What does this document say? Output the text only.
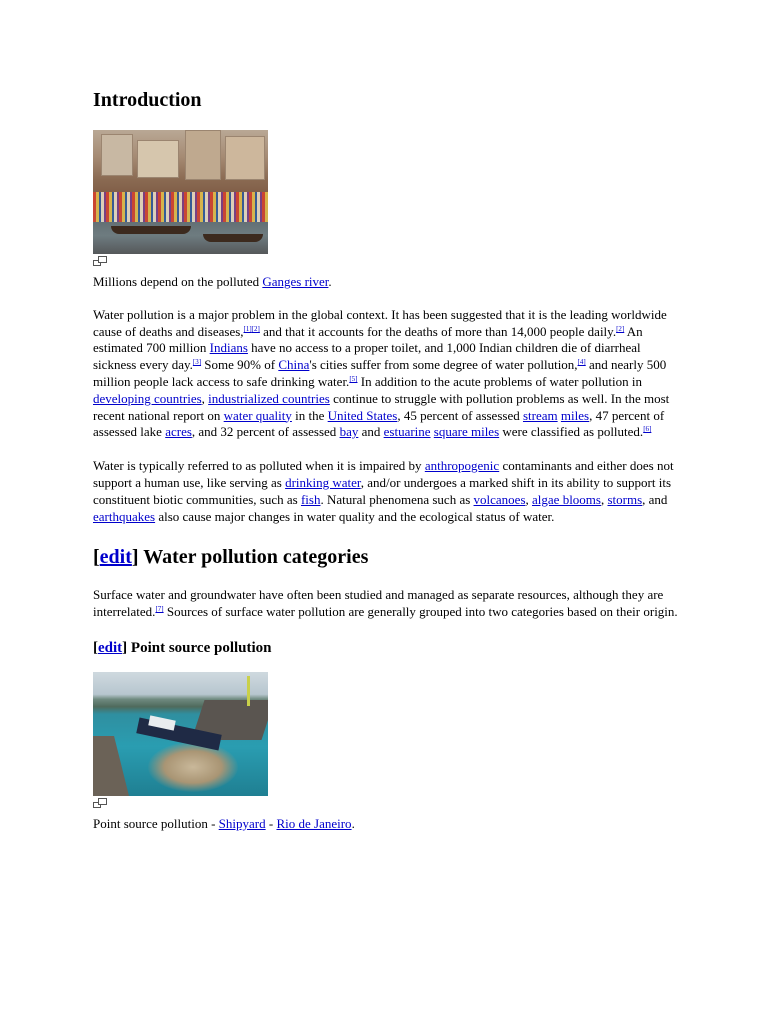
Introduction

Millions depend on the polluted Ganges river.

Water pollution is a major problem in the global context. It has been suggested that it is the leading worldwide cause of deaths and diseases,[1][2] and that it accounts for the deaths of more than 14,000 people daily.[2] An estimated 700 million Indians have no access to a proper toilet, and 1,000 Indian children die of diarrheal sickness every day.[3] Some 90% of China's cities suffer from some degree of water pollution,[4] and nearly 500 million people lack access to safe drinking water.[5] In addition to the acute problems of water pollution in developing countries, industrialized countries continue to struggle with pollution problems as well. In the most recent national report on water quality in the United States, 45 percent of assessed stream miles, 47 percent of assessed lake acres, and 32 percent of assessed bay and estuarine square miles were classified as polluted.[6]

Water is typically referred to as polluted when it is impaired by anthropogenic contaminants and either does not support a human use, like serving as drinking water, and/or undergoes a marked shift in its ability to support its constituent biotic communities, such as fish. Natural phenomena such as volcanoes, algae blooms, storms, and earthquakes also cause major changes in water quality and the ecological status of water.

[edit] Water pollution categories

Surface water and groundwater have often been studied and managed as separate resources, although they are interrelated.[7] Sources of surface water pollution are generally grouped into two categories based on their origin.

[edit] Point source pollution

Point source pollution - Shipyard - Rio de Janeiro.
